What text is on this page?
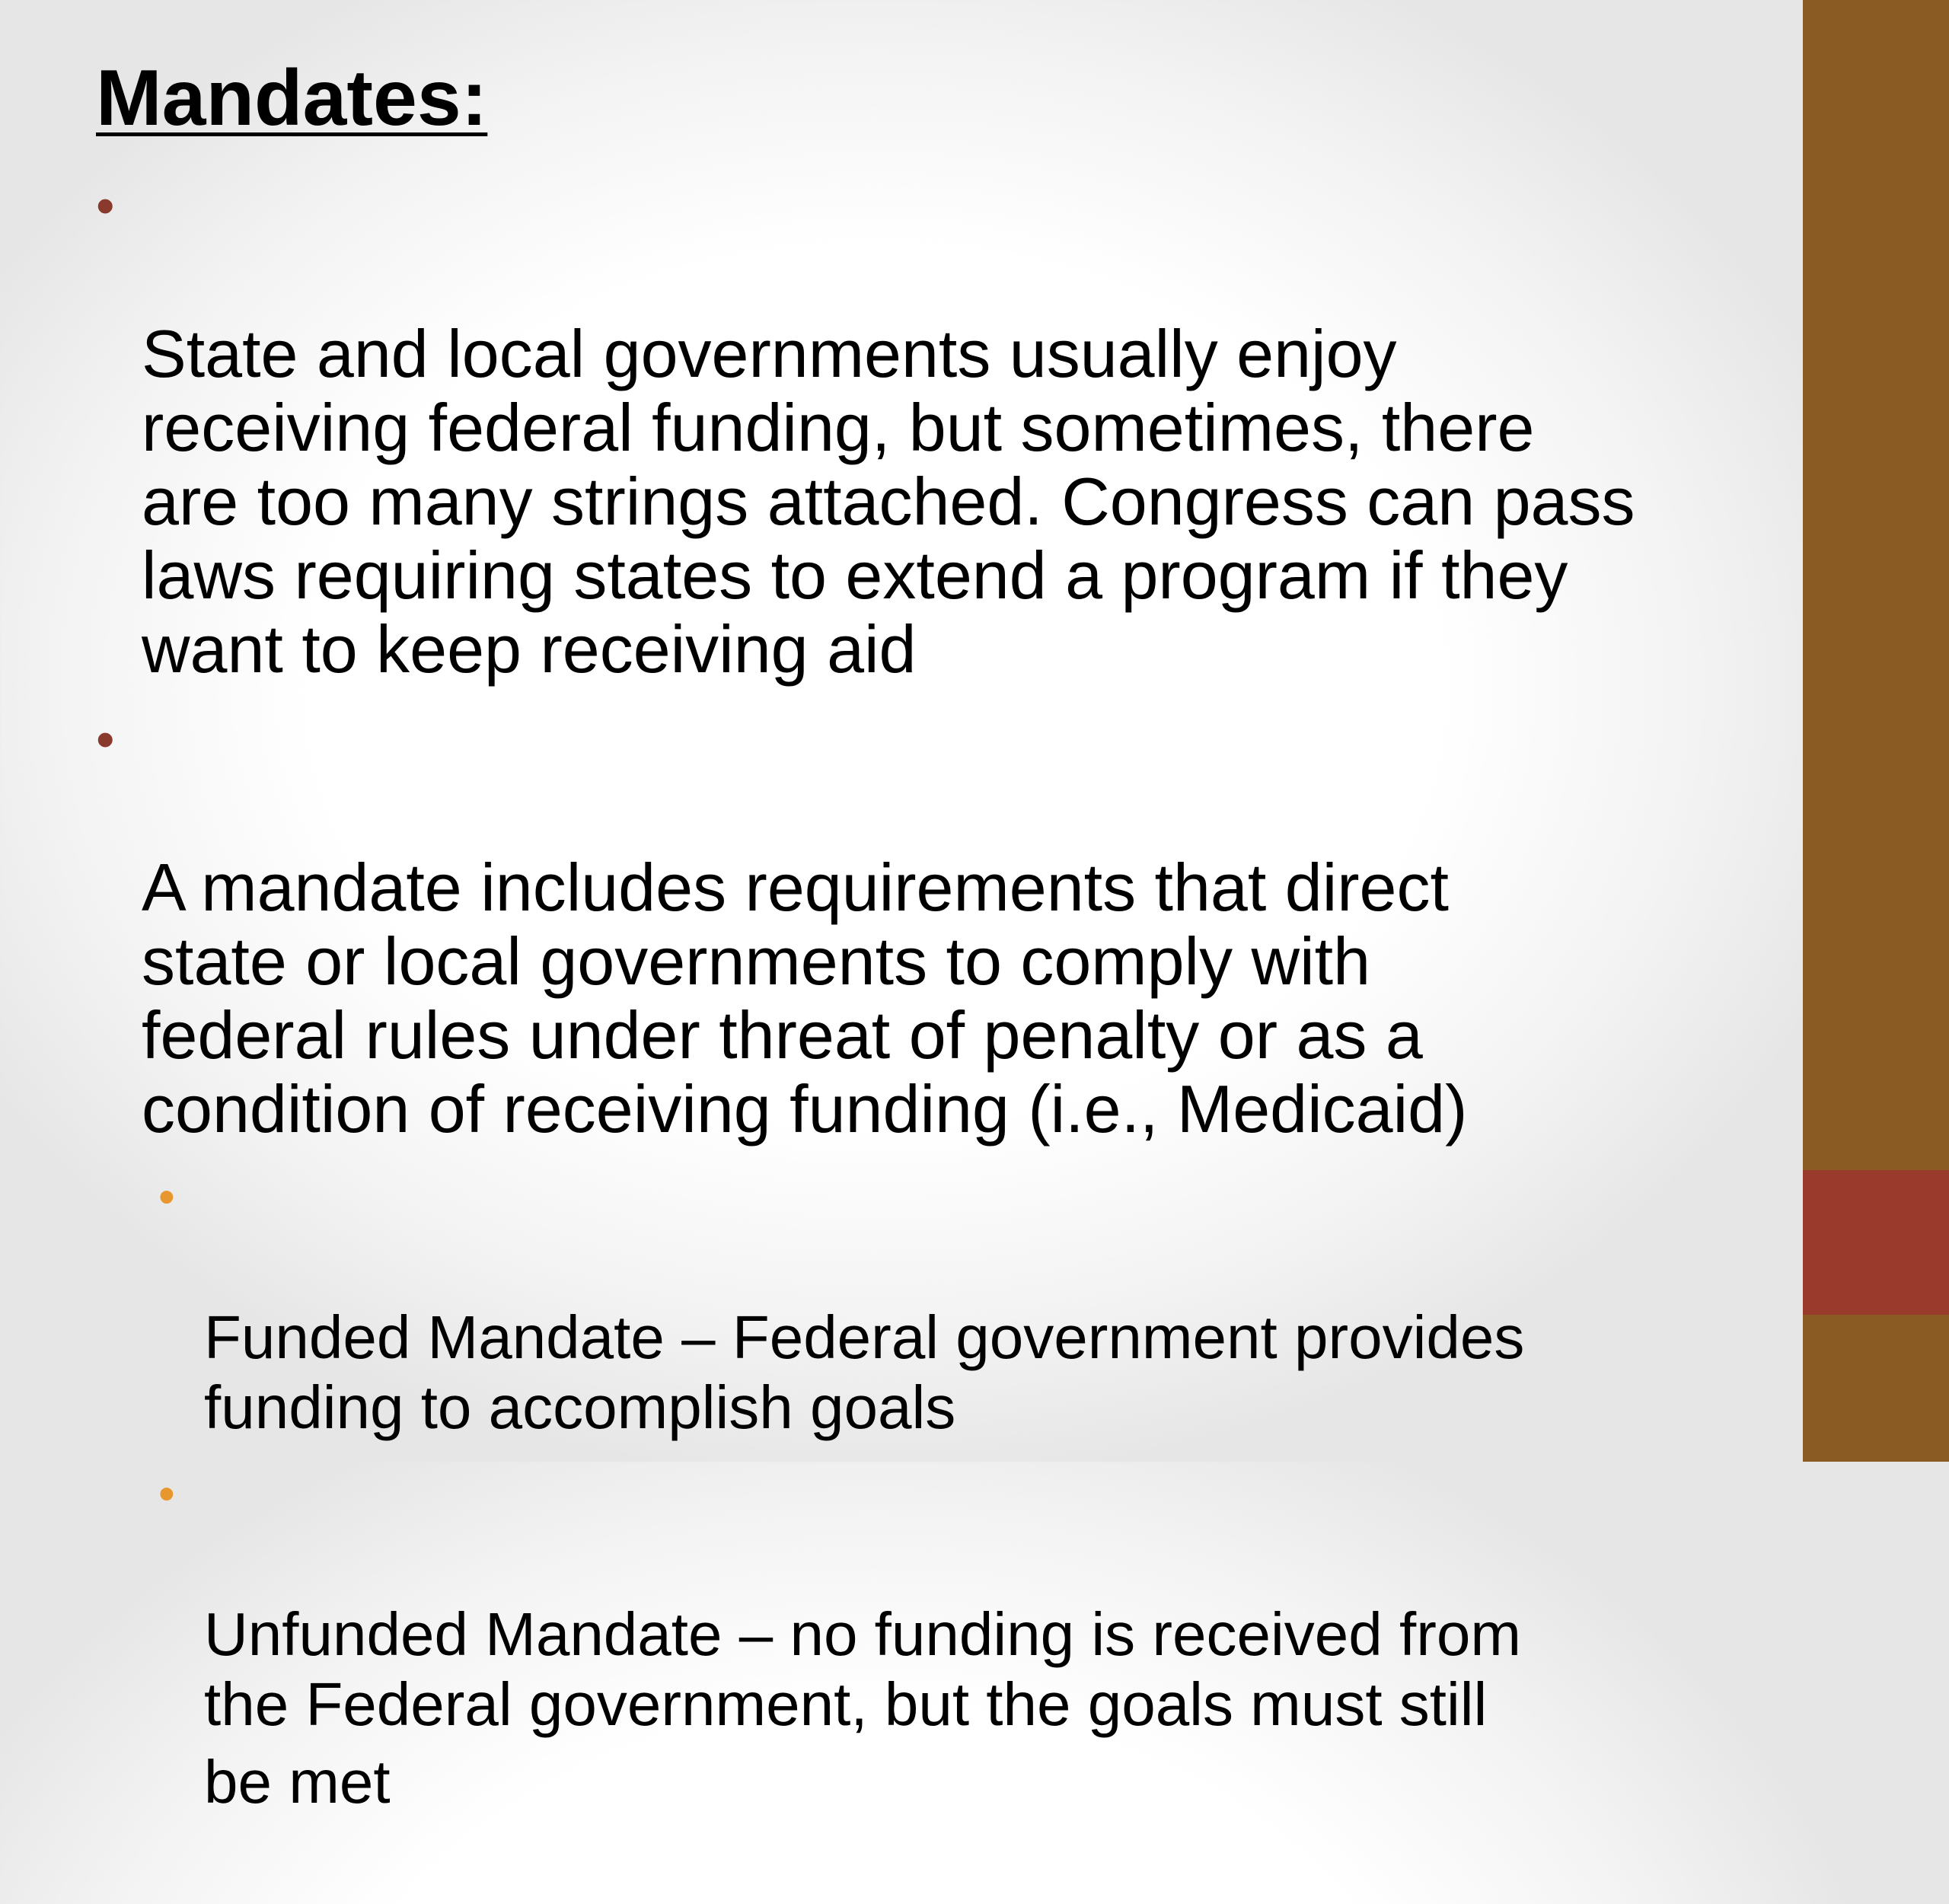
Mandates:

•

State and local governments usually enjoy
receiving federal funding, but sometimes, there
are too many strings attached. Congress can pass
laws requiring states to extend a program if they
want to keep receiving aid

•

A mandate includes requirements that direct
state or local governments to comply with
federal rules under threat of penalty or as a
condition of receiving funding (i.e., Medicaid)

•

Funded Mandate – Federal government provides
funding to accomplish goals

•

Unfunded Mandate – no funding is received from
the Federal government, but the goals must still

be met
